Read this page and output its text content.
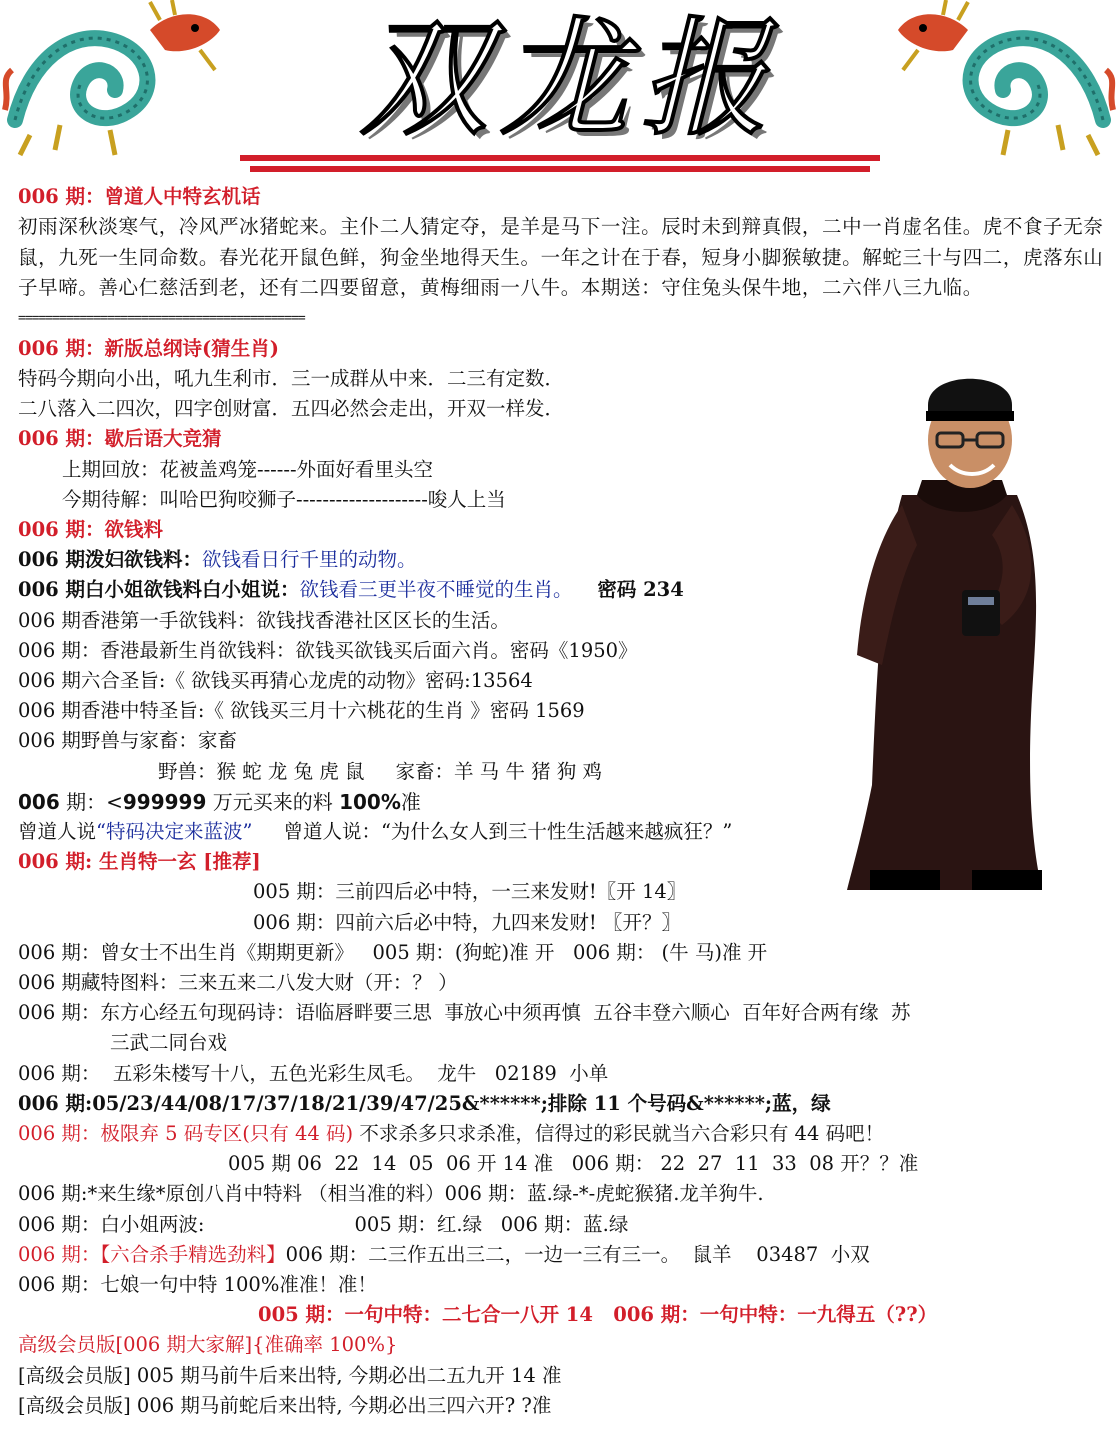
双龙报
006 期：曾道人中特玄机话
初雨深秋淡寒气，冷风严冰猪蛇来。主仆二人猜定夺，是羊是马下一注。辰时未到辩真假，二中一肖虚名佳。虎不食子无奈鼠，九死一生同命数。春光花开鼠色鲜，狗金坐地得天生。一年之计在于春，短身小脚猴敏捷。解蛇三十与四二，虎落东山子早啼。善心仁慈活到老，还有二四要留意，黄梅细雨一八牛。本期送：守住兔头保牛地，二六伴八三九临。
==========================================
006 期：新版总纲诗(猜生肖)
特码今期向小出，吼九生利市．三一成群从中来．二三有定数．
二八落入二四次，四字创财富．五四必然会走出，开双一样发．
006 期：歇后语大竞猜
上期回放：花被盖鸡笼------外面好看里头空
今期待解：叫哈巴狗咬狮子--------------------唆人上当
006 期：欲钱料
006 期泼妇欲钱料：欲钱看日行千里的动物。
006 期白小姐欲钱料白小姐说：欲钱看三更半夜不睡觉的生肖。 密码 234
006 期香港第一手欲钱料：欲钱找香港社区区长的生活。
006 期：香港最新生肖欲钱料：欲钱买欲钱买后面六肖。密码《1950》
006 期六合圣旨:《 欲钱买再猜心龙虎的动物》密码:13564
006 期香港中特圣旨:《 欲钱买三月十六桃花的生肖 》密码 1569
006 期野兽与家畜：家畜
野兽：猴 蛇 龙 兔 虎 鼠     家畜：羊 马 牛 猪 狗 鸡
006 期：<999999 万元买来的料 100%准
曾道人说“特码决定来蓝波”     曾道人说：“为什么女人到三十性生活越来越疯狂？”
006 期: 生肖特一玄 [推荐]
005 期：三前四后必中特，一三来发财!〖开 14〗
006 期：四前六后必中特，九四来发财! 〖开？〗
006 期：曾女士不出生肖《期期更新》   005 期：(狗蛇)准 开   006 期： (牛 马)准 开
006 期藏特图料：三来五来二八发大财（开：？ ）
006 期：东方心经五句现码诗：语临唇畔要三思  事放心中须再慎  五谷丰登六顺心  百年好合两有缘  苏
三武二同台戏
006 期：  五彩朱楼写十八，五色光彩生凤毛。  龙牛   02189  小单
006 期:05/23/44/08/17/37/18/21/39/47/25&******;排除 11 个号码&******;蓝，绿
006 期：极限弃 5 码专区(只有 44 码) 不求杀多只求杀准，信得过的彩民就当六合彩只有 44 码吧！
005 期 06  22  14  05  06 开 14 准   006 期： 22  27  11  33  08 开？？准
006 期:*来生缘*原创八肖中特料 （相当准的料）006 期：蓝.绿-*-虎蛇猴猪.龙羊狗牛.
006 期：白小姐两波:	005 期：红.绿   006 期：蓝.绿
006 期：【六合杀手精选劲料】006 期：二三作五出三二，一边一三有三一。  鼠羊    03487  小双
006 期：七娘一句中特 100%准准！准！
005 期：一句中特：二七合一八开 14   006 期：一句中特：一九得五（??）
高级会员版[006 期大家解]{准确率 100%}
[高级会员版] 005 期马前牛后来出特, 今期必出二五九开 14 准
[高级会员版] 006 期马前蛇后来出特, 今期必出三四六开? ?准
